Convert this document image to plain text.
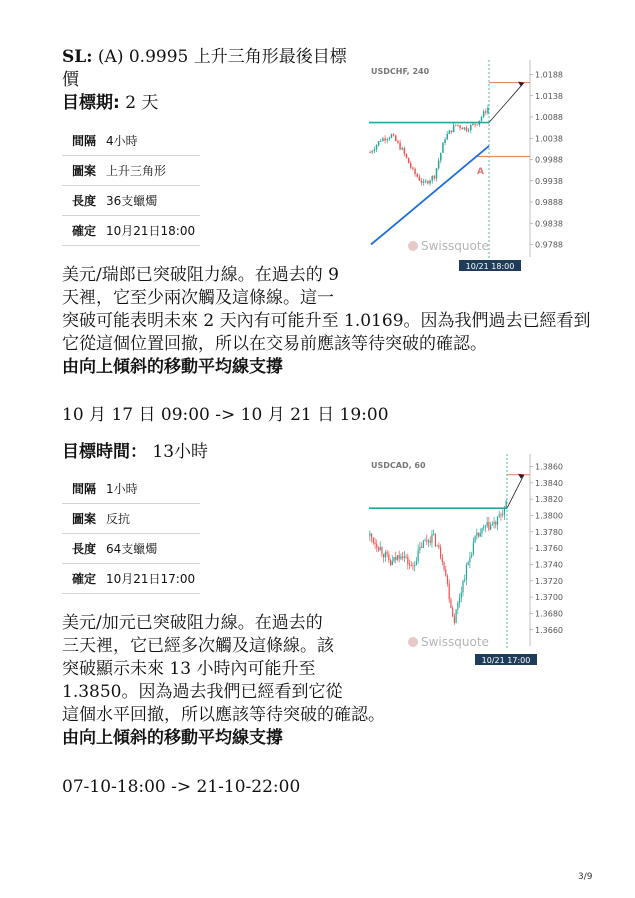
SL: (A) 0.9995 上升三角形最後目標
價
目標期: 2 天
間隔	4小時
圖案	上升三角形
長度	36支蠟燭
確定	10月21日18:00
USDCHF, 240	1.0188
1.0138
1.0088
1.0038
0.9988
0.9938
0.9888
0.9838
0.9788
Swissquote
10/21 18:00
A
美元/瑞郎已突破阻力線。在過去的 9
天裡，它至少兩次觸及這條線。這一
突破可能表明未來 2 天內有可能升至 1.0169。因為我們過去已經看到
它從這個位置回撤，所以在交易前應該等待突破的確認。
由向上傾斜的移動平均線支撐
10 月 17 日 09:00 -> 10 月 21 日 19:00
目標時間： 13小時
間隔	1小時
圖案	反抗
長度	64支蠟燭
確定	10月21日17:00
USDCAD, 60	1.3860
1.3840
1.3820
1.3800
1.3780
1.3760
1.3740
1.3720
1.3700
1.3680
1.3660
Swissquote
10/21 17:00
美元/加元已突破阻力線。在過去的
三天裡，它已經多次觸及這條線。該
突破顯示未來 13 小時內可能升至
1.3850。因為過去我們已經看到它從
這個水平回撤，所以應該等待突破的確認。
由向上傾斜的移動平均線支撐
07-10-18:00 -> 21-10-22:00
3/9
